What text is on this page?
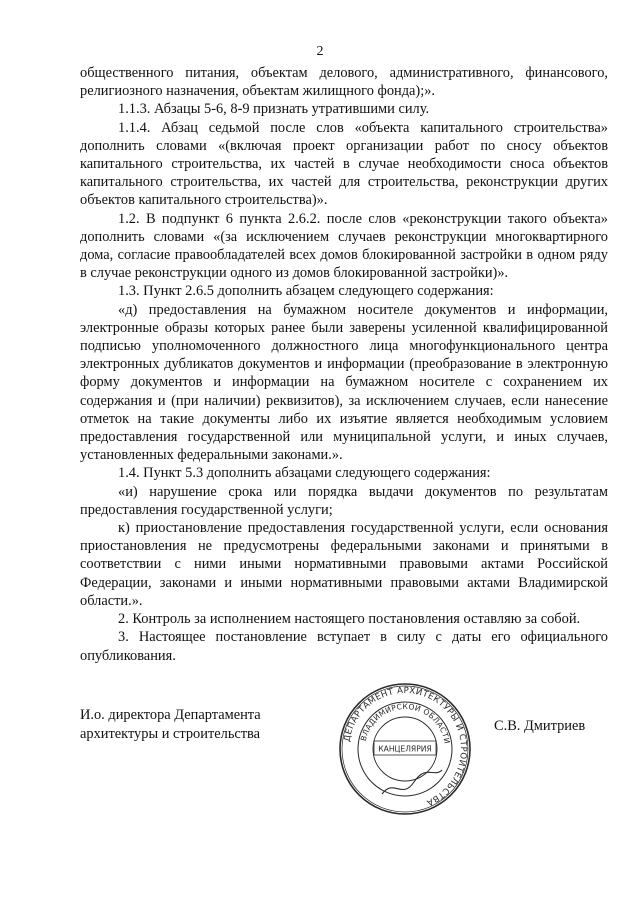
2

общественного питания, объектам делового, административного, финансового, религиозного назначения, объектам жилищного фонда);».

1.1.3. Абзацы 5-6, 8-9 признать утратившими силу.

1.1.4. Абзац седьмой после слов «объекта капитального строительства» дополнить словами «(включая проект организации работ по сносу объектов капитального строительства, их частей в случае необходимости сноса объектов капитального строительства, их частей для строительства, реконструкции других объектов капитального строительства)».

1.2. В подпункт 6 пункта 2.6.2. после слов «реконструкции такого объекта» дополнить словами «(за исключением случаев реконструкции многоквартирного дома, согласие правообладателей всех домов блокированной застройки в одном ряду в случае реконструкции одного из домов блокированной застройки)».

1.3. Пункт 2.6.5 дополнить абзацем следующего содержания:

«д) предоставления на бумажном носителе документов и информации, электронные образы которых ранее были заверены усиленной квалифицированной подписью уполномоченного должностного лица многофункционального центра электронных дубликатов документов и информации (преобразование в электронную форму документов и информации на бумажном носителе с сохранением их содержания и (при наличии) реквизитов), за исключением случаев, если нанесение отметок на такие документы либо их изъятие является необходимым условием предоставления государственной или муниципальной услуги, и иных случаев, установленных федеральными законами.».

1.4. Пункт 5.3 дополнить абзацами следующего содержания:

«и) нарушение срока или порядка выдачи документов по результатам предоставления государственной услуги;

к) приостановление предоставления государственной услуги, если основания приостановления не предусмотрены федеральными законами и принятыми в соответствии с ними иными нормативными правовыми актами Российской Федерации, законами и иными нормативными правовыми актами Владимирской области.».

2. Контроль за исполнением настоящего постановления оставляю за собой.

3. Настоящее постановление вступает в силу с даты его официального опубликования.

И.о. директора Департамента
архитектуры и строительства	ДЕПАРТАМЕНТ АРХИТЕКТУРЫ И СТРОИТЕЛЬСТВА
ВЛАДИМИРСКОЙ ОБЛАСТИ
КАНЦЕЛЯРИЯ
С.В. Дмитриев
